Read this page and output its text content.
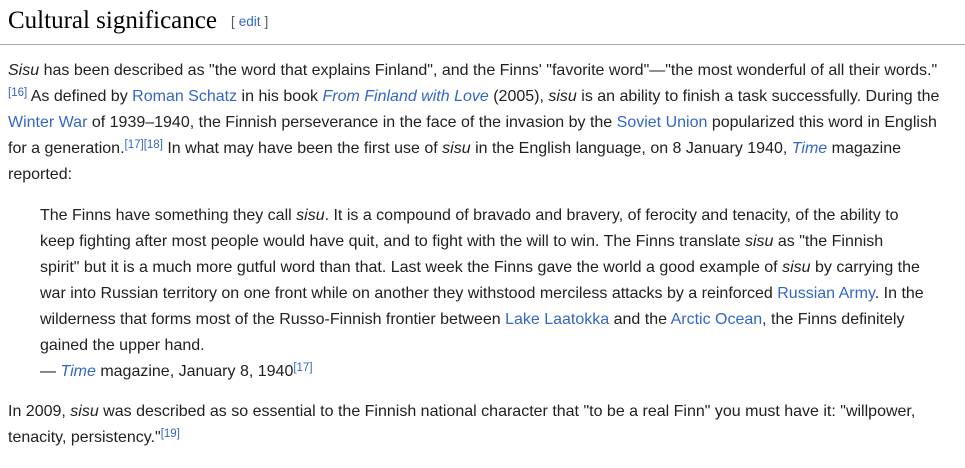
Cultural significance [ edit ]

Sisu has been described as "the word that explains Finland", and the Finns' "favorite word"—"the most wonderful of all their words."[16] As defined by Roman Schatz in his book From Finland with Love (2005), sisu is an ability to finish a task successfully. During the Winter War of 1939–1940, the Finnish perseverance in the face of the invasion by the Soviet Union popularized this word in English for a generation.[17][18] In what may have been the first use of sisu in the English language, on 8 January 1940, Time magazine reported:

The Finns have something they call sisu. It is a compound of bravado and bravery, of ferocity and tenacity, of the ability to keep fighting after most people would have quit, and to fight with the will to win. The Finns translate sisu as "the Finnish spirit" but it is a much more gutful word than that. Last week the Finns gave the world a good example of sisu by carrying the war into Russian territory on one front while on another they withstood merciless attacks by a reinforced Russian Army. In the wilderness that forms most of the Russo-Finnish frontier between Lake Laatokka and the Arctic Ocean, the Finns definitely gained the upper hand.

— Time magazine, January 8, 1940[17]

In 2009, sisu was described as so essential to the Finnish national character that "to be a real Finn" you must have it: "willpower, tenacity, persistency."[19]
